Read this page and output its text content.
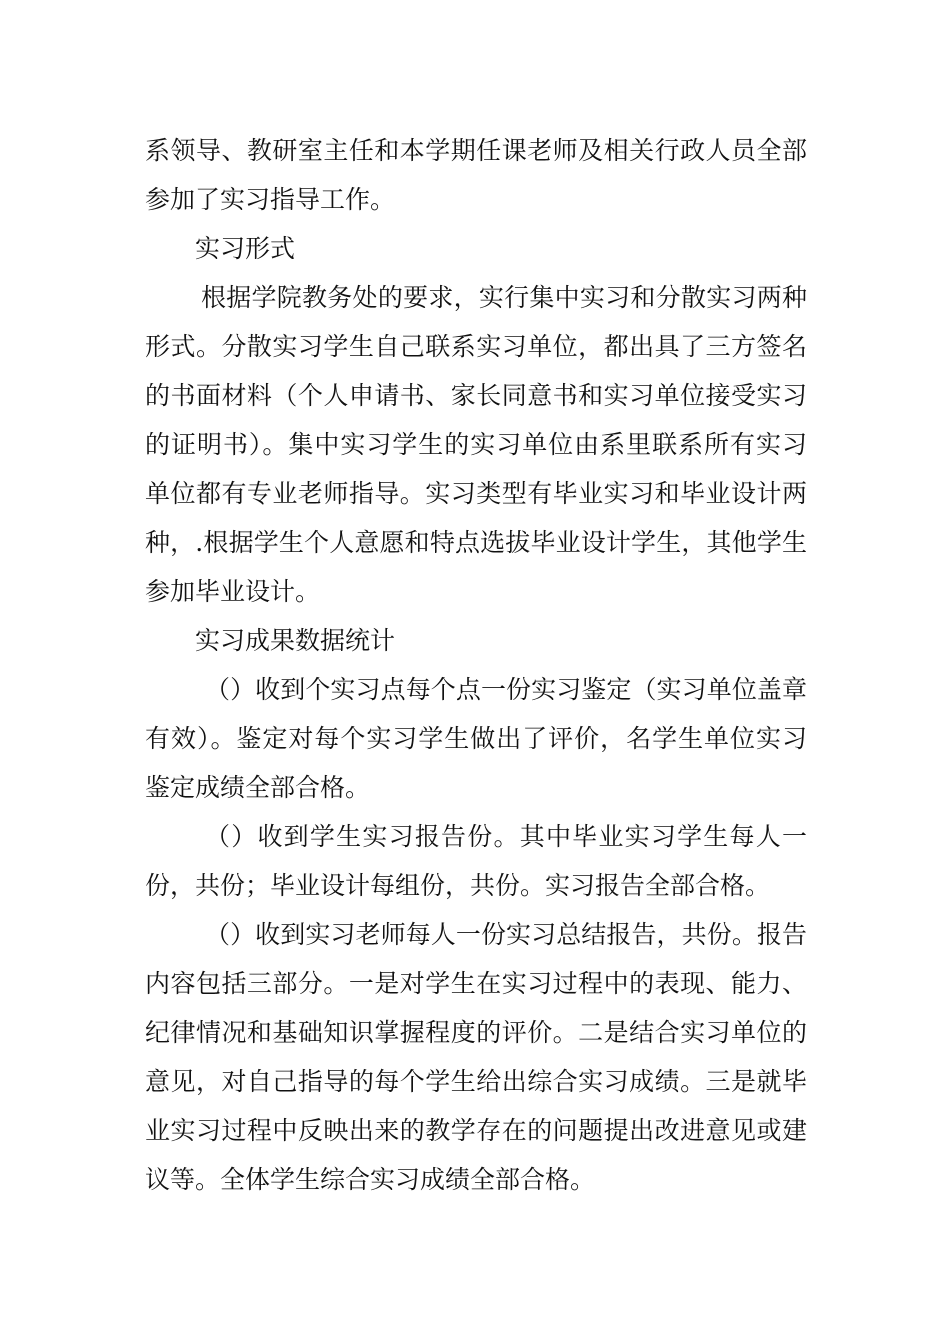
系领导、教研室主任和本学期任课老师及相关行政人员全部参加了实习指导工作。

实习形式

根据学院教务处的要求，实行集中实习和分散实习两种形式。分散实习学生自己联系实习单位，都出具了三方签名的书面材料（个人申请书、家长同意书和实习单位接受实习的证明书）。集中实习学生的实习单位由系里联系所有实习单位都有专业老师指导。实习类型有毕业实习和毕业设计两种，.根据学生个人意愿和特点选拔毕业设计学生，其他学生参加毕业设计。

实习成果数据统计

（）收到个实习点每个点一份实习鉴定（实习单位盖章有效）。鉴定对每个实习学生做出了评价，名学生单位实习鉴定成绩全部合格。

（）收到学生实习报告份。其中毕业实习学生每人一份，共份；毕业设计每组份，共份。实习报告全部合格。

（）收到实习老师每人一份实习总结报告，共份。报告内容包括三部分。一是对学生在实习过程中的表现、能力、纪律情况和基础知识掌握程度的评价。二是结合实习单位的意见，对自己指导的每个学生给出综合实习成绩。三是就毕业实习过程中反映出来的教学存在的问题提出改进意见或建议等。全体学生综合实习成绩全部合格。
